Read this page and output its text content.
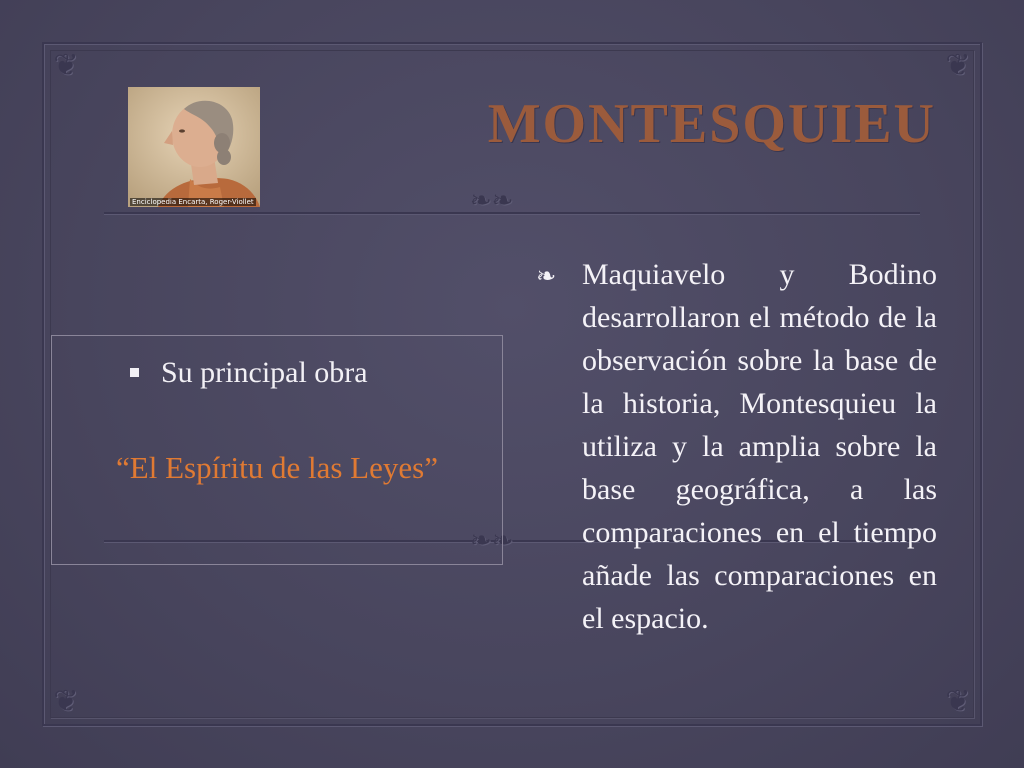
❦	❦
❦	❦
❧❧
❧❧
Enciclopedia Encarta, Roger-Viollet
MONTESQUIEU
Su principal obra

“El Espíritu de las Leyes”

❧ Maquiavelo y Bodino desarrollaron el método de la observación sobre la base de la historia, Montesquieu la utiliza y la amplia sobre la base geográfica, a las comparaciones en el tiempo añade las comparaciones en el espacio.
